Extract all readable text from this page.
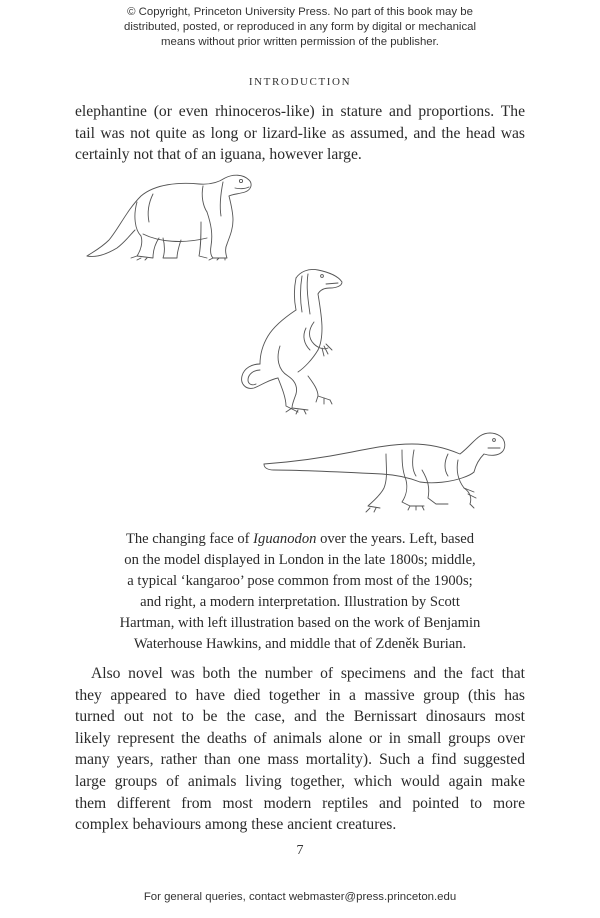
© Copyright, Princeton University Press. No part of this book may be
distributed, posted, or reproduced in any form by digital or mechanical
means without prior written permission of the publisher.
INTRODUCTION
elephantine (or even rhinoceros-like) in stature and proportions. The
tail was not quite as long or lizard-like as assumed, and the head was
certainly not that of an iguana, however large.
The changing face of Iguanodon over the years. Left, based
on the model displayed in London in the late 1800s; middle,
a typical ‘kangaroo’ pose common from most of the 1900s;
and right, a modern interpretation. Illustration by Scott
Hartman, with left illustration based on the work of Benjamin
Waterhouse Hawkins, and middle that of Zdeněk Burian.
Also novel was both the number of specimens and the fact that
they appeared to have died together in a massive group (this has
turned out not to be the case, and the Bernissart dinosaurs most
likely represent the deaths of animals alone or in small groups over
many years, rather than one mass mortality). Such a find suggested
large groups of animals living together, which would again make
them different from most modern reptiles and pointed to more
complex behaviours among these ancient creatures.
7
For general queries, contact webmaster@press.princeton.edu
